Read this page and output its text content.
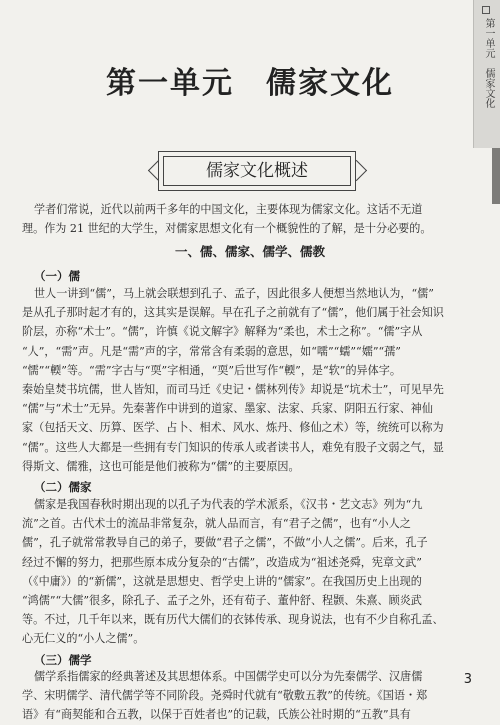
第一单元　儒家文化
第一单元　儒家文化
儒家文化概述
学者们常说，近代以前两千多年的中国文化，主要体现为儒家文化。这话不无道
理。作为 21 世纪的大学生，对儒家思想文化有一个概貌性的了解，是十分必要的。
一、儒、儒家、儒学、儒教
（一）儒
世人一讲到“儒”，马上就会联想到孔子、孟子，因此很多人便想当然地认为，“儒”
是从孔子那时起才有的，这其实是误解。早在孔子之前就有了“儒”，他们属于社会知识
阶层，亦称“术士”。“儒”，许慎《说文解字》解释为“柔也，术士之称”。“儒”字从
“人”，“需”声。凡是“需”声的字，常常含有柔弱的意思，如“嚅”“蠕”“嬬”“孺”
“懦”“輭”等。“需”字古与“耎”字相通，“耎”后世写作“輭”，是“软”的异体字。
秦始皇焚书坑儒，世人皆知，而司马迁《史记・儒林列传》却说是“坑术士”，可见早先
“儒”与“术士”无异。先秦著作中讲到的道家、墨家、法家、兵家、阴阳五行家、神仙
家（包括天文、历算、医学、占卜、相术、风水、炼丹、修仙之术）等，统统可以称为
“儒”。这些人大都是一些拥有专门知识的传承人或者读书人，难免有股子文弱之气，显
得斯文、儒雅，这也可能是他们被称为“儒”的主要原因。
（二）儒家
儒家是我国春秋时期出现的以孔子为代表的学术派系，《汉书・艺文志》列为“九
流”之首。古代术士的流品非常复杂，就人品而言，有“君子之儒”，也有“小人之
儒”，孔子就常常教导自己的弟子，要做“君子之儒”，不做“小人之儒”。后来，孔子
经过不懈的努力，把那些原本成分复杂的“古儒”，改造成为“祖述尧舜，宪章文武”
（《中庸》）的“新儒”，这就是思想史、哲学史上讲的“儒家”。在我国历史上出现的
“鸿儒”“大儒”很多，除孔子、孟子之外，还有荀子、董仲舒、程颢、朱熹、顾炎武
等。不过，几千年以来，既有历代大儒们的衣钵传承、现身说法，也有不少自称孔孟、
心无仁义的“小人之儒”。
（三）儒学
儒学系指儒家的经典著述及其思想体系。中国儒学史可以分为先秦儒学、汉唐儒
学、宋明儒学、清代儒学等不同阶段。尧舜时代就有“敬敷五教”的传统。《国语・郑
语》有“商契能和合五教，以保于百姓者也”的记载，氏族公社时期的“五教”具有
3
